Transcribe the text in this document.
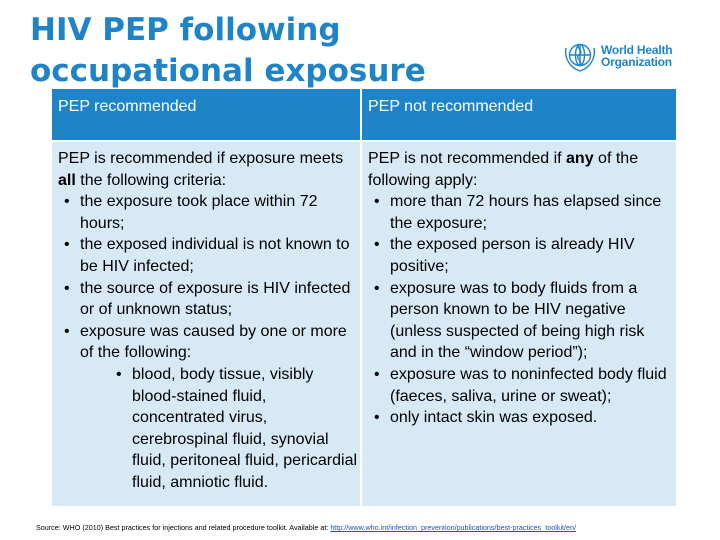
HIV PEP following occupational exposure
World Health
Organization
PEP recommended	PEP not recommended

PEP is recommended if exposure meets all the following criteria:

• the exposure took place within 72 hours;
• the exposed individual is not known to be HIV infected;
• the source of exposure is HIV infected or of unknown status;
• exposure was caused by one or more of the following:
• blood, body tissue, visibly blood-stained fluid, concentrated virus, cerebrospinal fluid, synovial fluid, peritoneal fluid, pericardial fluid, amniotic fluid.

PEP is not recommended if any of the following apply:

• more than 72 hours has elapsed since the exposure;
• the exposed person is already HIV positive;
• exposure was to body fluids from a person known to be HIV negative (unless suspected of being high risk and in the “window period”);
• exposure was to noninfected body fluid (faeces, saliva, urine or sweat);
• only intact skin was exposed.
Source: WHO (2010) Best practices for injections and related procedure toolkit. Available at: http://www.who.int/infection_prevention/publications/best-practices_toolkit/en/
